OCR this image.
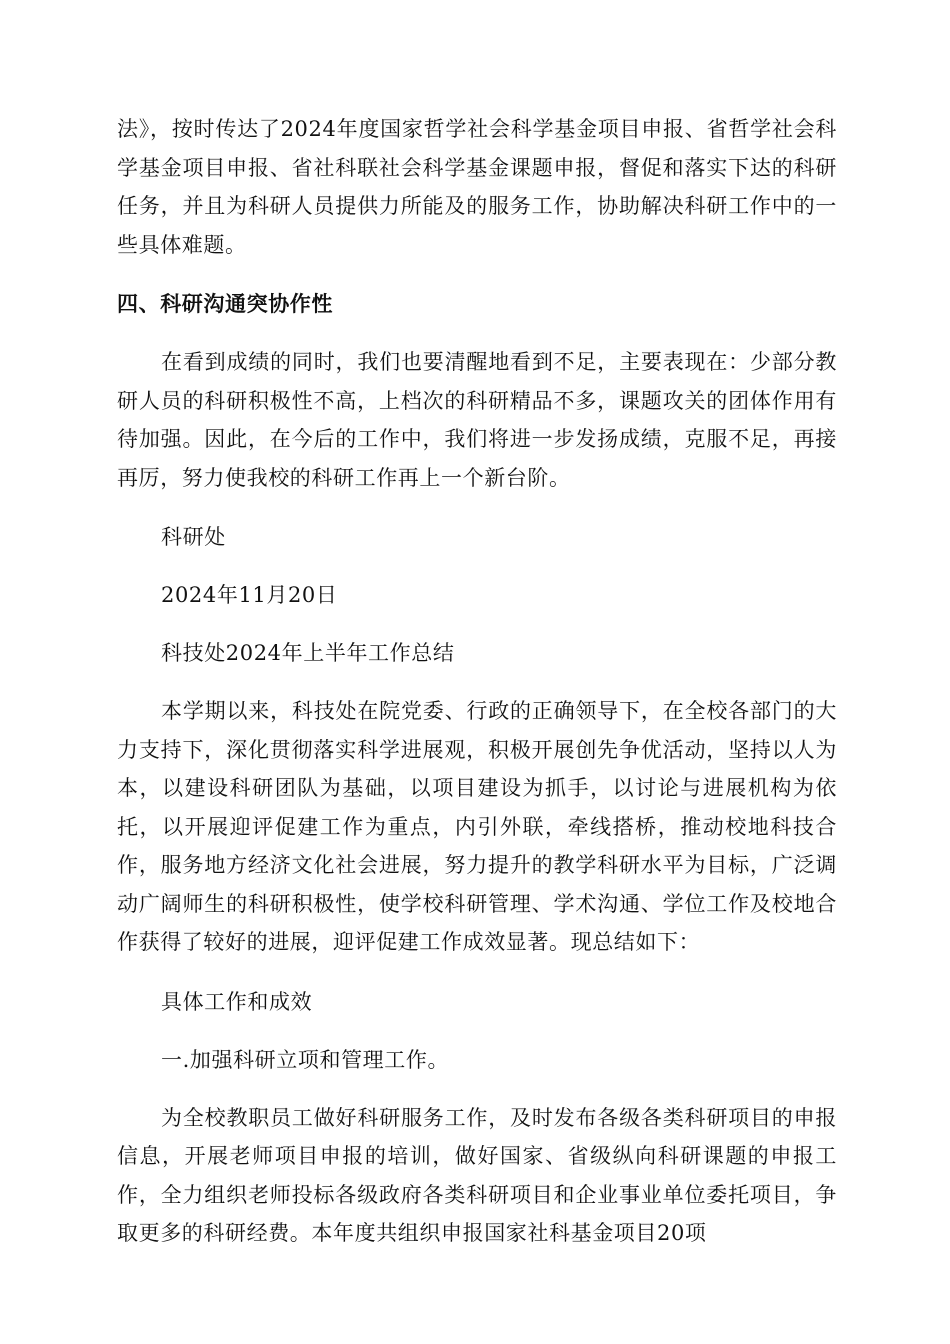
法》，按时传达了2024年度国家哲学社会科学基金项目申报、省哲学社会科学基金项目申报、省社科联社会科学基金课题申报，督促和落实下达的科研任务，并且为科研人员提供力所能及的服务工作，协助解决科研工作中的一些具体难题。

四、科研沟通突协作性

在看到成绩的同时，我们也要清醒地看到不足，主要表现在：少部分教研人员的科研积极性不高，上档次的科研精品不多，课题攻关的团体作用有待加强。因此，在今后的工作中，我们将进一步发扬成绩，克服不足，再接再厉，努力使我校的科研工作再上一个新台阶。

科研处

2024年11月20日

科技处2024年上半年工作总结

本学期以来，科技处在院党委、行政的正确领导下，在全校各部门的大力支持下，深化贯彻落实科学进展观，积极开展创先争优活动，坚持以人为本，以建设科研团队为基础，以项目建设为抓手，以讨论与进展机构为依托，以开展迎评促建工作为重点，内引外联，牵线搭桥，推动校地科技合作，服务地方经济文化社会进展，努力提升的教学科研水平为目标，广泛调动广阔师生的科研积极性，使学校科研管理、学术沟通、学位工作及校地合作获得了较好的进展，迎评促建工作成效显著。现总结如下：

具体工作和成效

一.加强科研立项和管理工作。

为全校教职员工做好科研服务工作，及时发布各级各类科研项目的申报信息，开展老师项目申报的培训，做好国家、省级纵向科研课题的申报工作，全力组织老师投标各级政府各类科研项目和企业事业单位委托项目，争取更多的科研经费。本年度共组织申报国家社科基金项目20项
